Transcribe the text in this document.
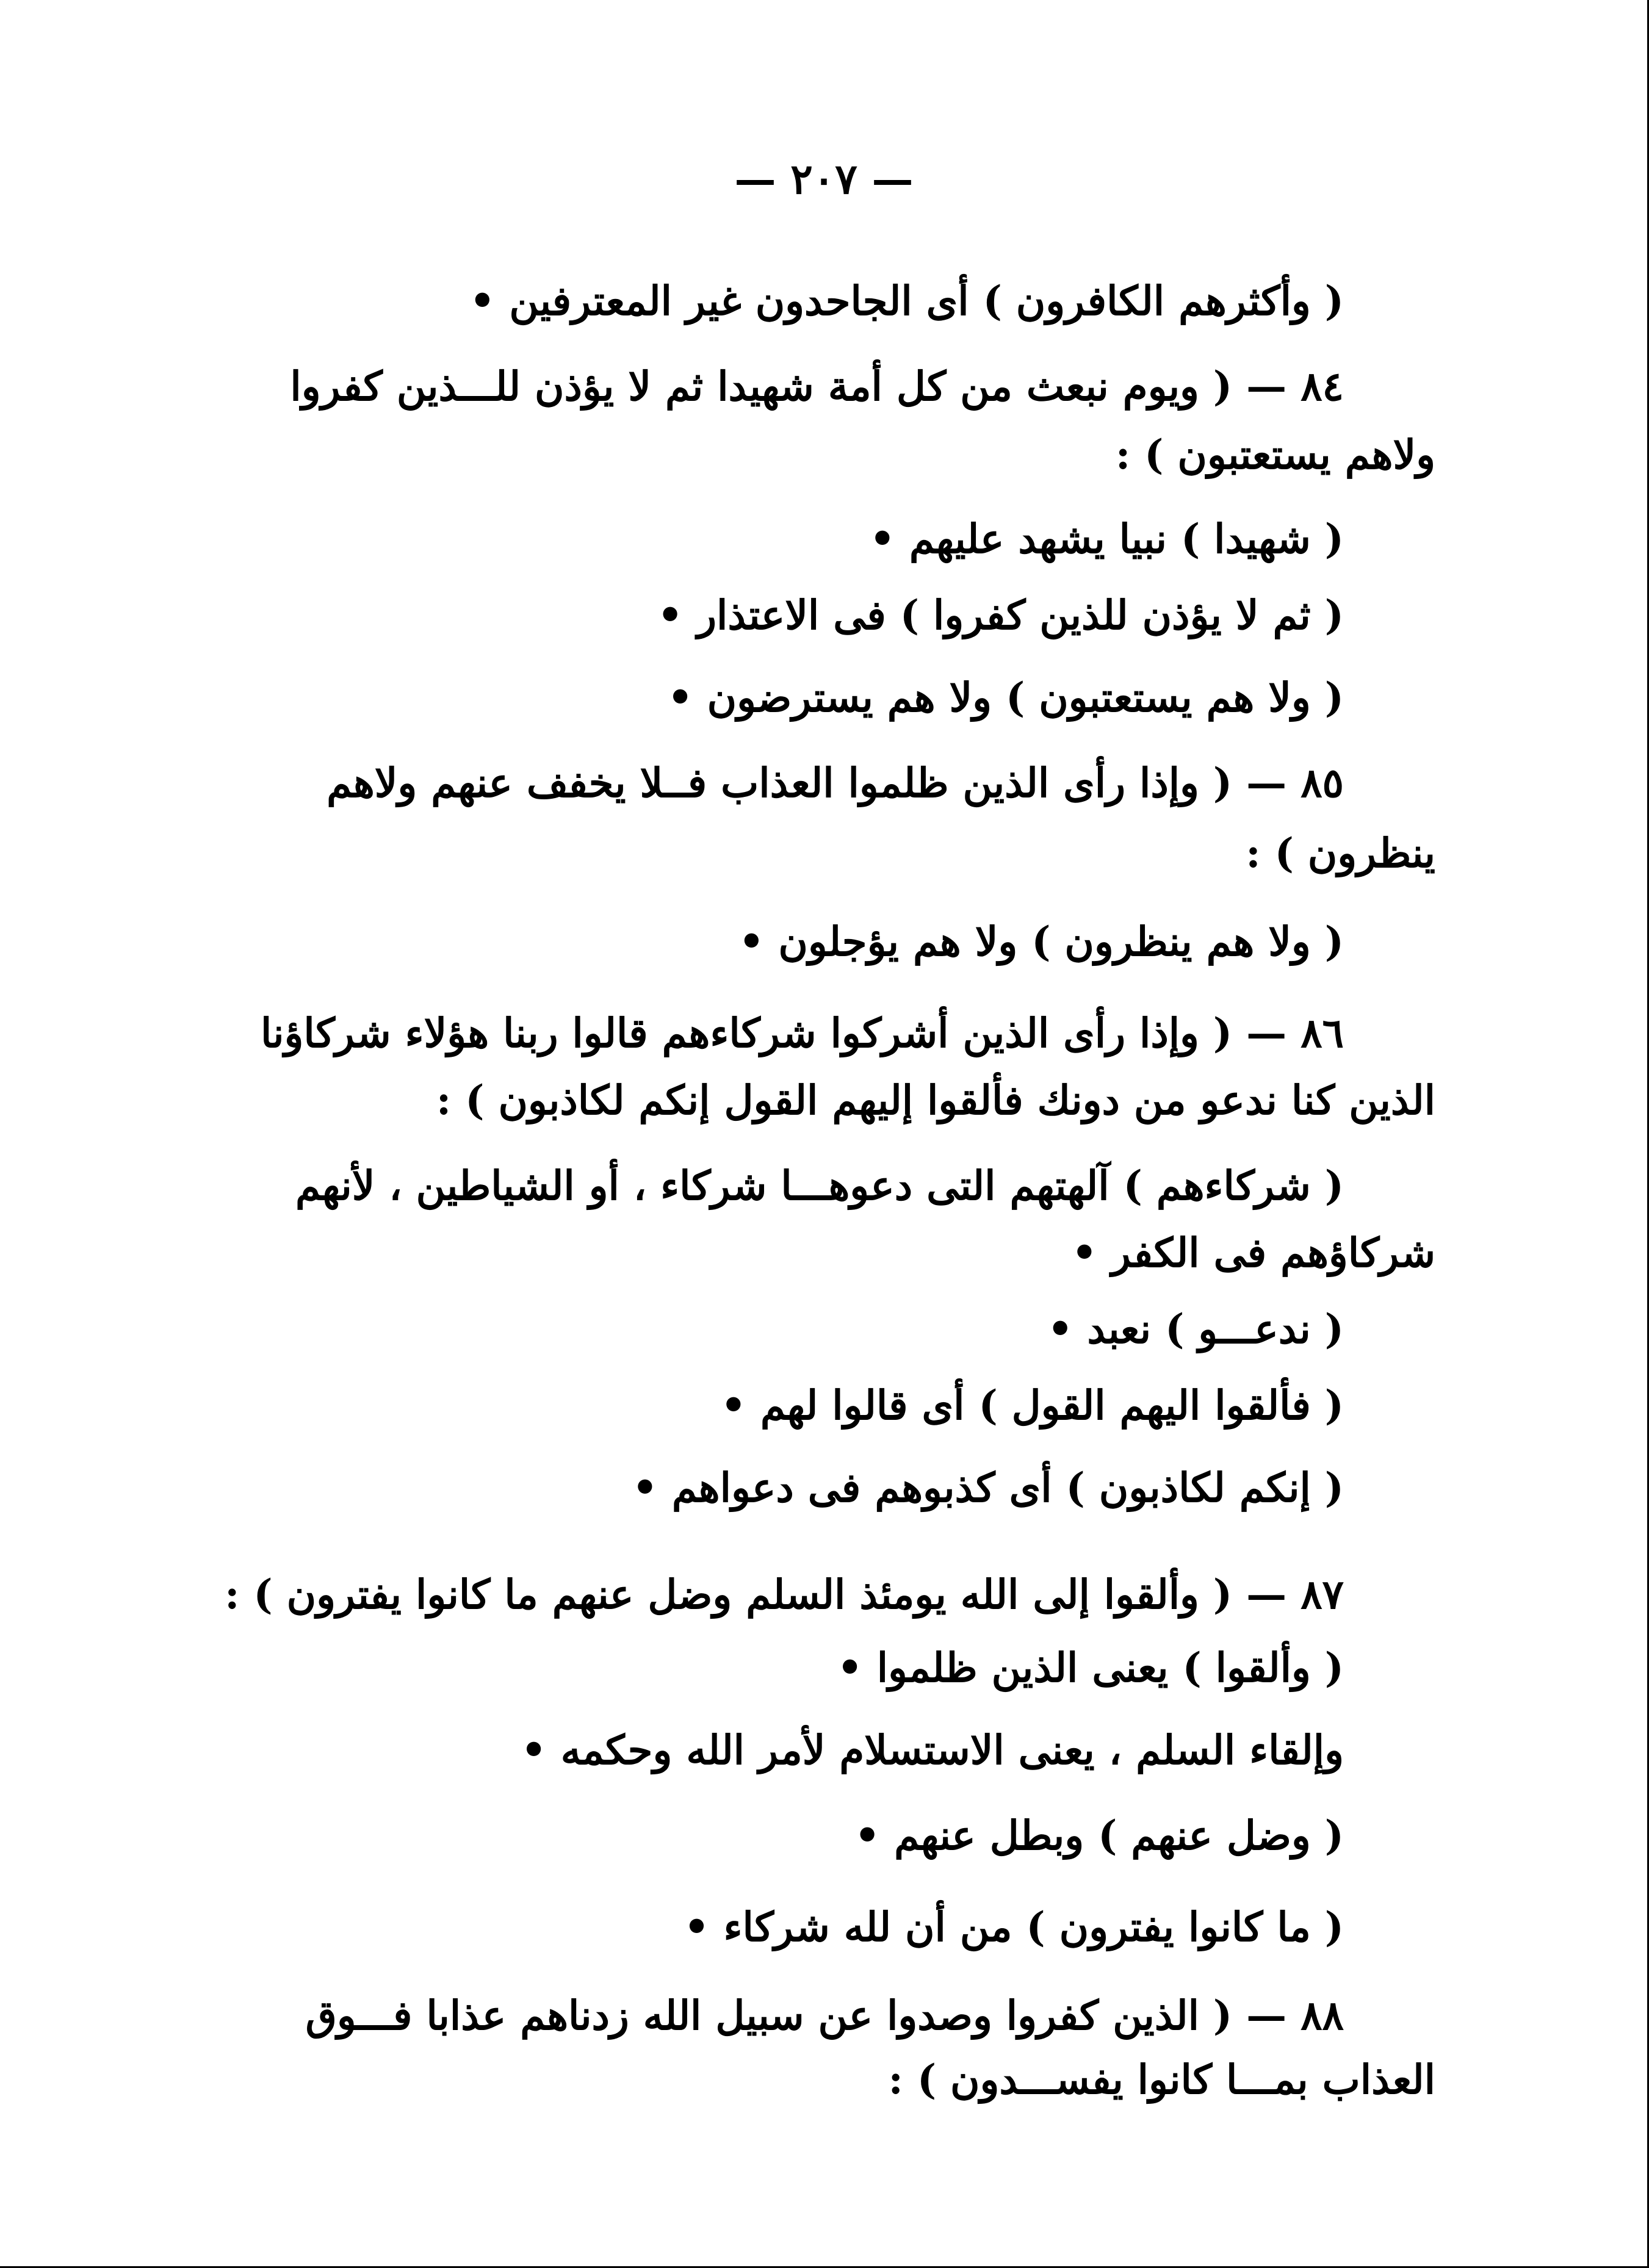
— ٢٠٧ —
( وأكثرهم الكافرون ) أى الجاحدون غير المعترفين •
٨٤ — ( ويوم نبعث من كل أمة شهيدا ثم لا يؤذن للـــذين كفروا
ولاهم يستعتبون ) :
( شهيدا ) نبيا يشهد عليهم •
( ثم لا يؤذن للذين كفروا ) فى الاعتذار •
( ولا هم يستعتبون ) ولا هم يسترضون •
٨٥ — ( وإذا رأى الذين ظلموا العذاب فــلا يخفف عنهم ولاهم
ينظرون ) :
( ولا هم ينظرون ) ولا هم يؤجلون •
٨٦ — ( وإذا رأى الذين أشركوا شركاءهم قالوا ربنا هؤلاء شركاؤنا
الذين كنا ندعو من دونك فألقوا إليهم القول إنكم لكاذبون ) :
( شركاءهم ) آلهتهم التى دعوهـــا شركاء ، أو الشياطين ، لأنهم
شركاؤهم فى الكفر •
( ندعـــو ) نعبد •
( فألقوا اليهم القول ) أى قالوا لهم •
( إنكم لكاذبون ) أى كذبوهم فى دعواهم •
٨٧ — ( وألقوا إلى الله يومئذ السلم وضل عنهم ما كانوا يفترون ) :
( وألقوا ) يعنى الذين ظلموا •
وإلقاء السلم ، يعنى الاستسلام لأمر الله وحكمه •
( وضل عنهم ) وبطل عنهم •
( ما كانوا يفترون ) من أن لله شركاء •
٨٨ — ( الذين كفروا وصدوا عن سبيل الله زدناهم عذابا فـــوق
العذاب بمـــا كانوا يفســـدون ) :
